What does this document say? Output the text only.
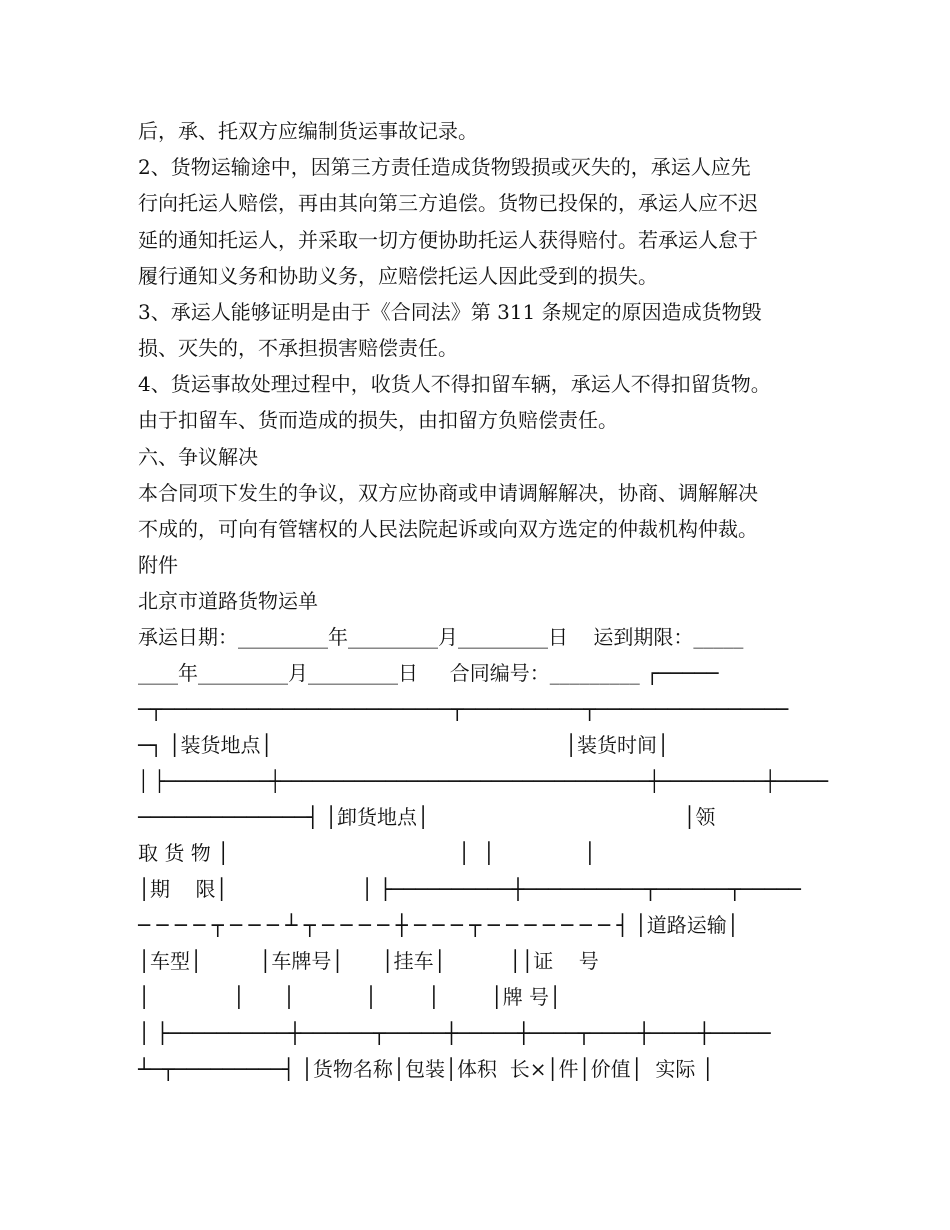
后，承、托双方应编制货运事故记录。
2、货物运输途中，因第三方责任造成货物毁损或灭失的，承运人应先
行向托运人赔偿，再由其向第三方追偿。货物已投保的，承运人应不迟
延的通知托运人，并采取一切方便协助托运人获得赔付。若承运人怠于
履行通知义务和协助义务，应赔偿托运人因此受到的损失。
3、承运人能够证明是由于《合同法》第 311 条规定的原因造成货物毁
损、灭失的，不承担损害赔偿责任。
4、货运事故处理过程中，收货人不得扣留车辆，承运人不得扣留货物。
由于扣留车、货而造成的损失，由扣留方负赔偿责任。
六、争议解决
本合同项下发生的争议，双方应协商或申请调解解决，协商、调解解决
不成的，可向有管辖权的人民法院起诉或向双方选定的仲裁机构仲裁。
附件
北京市道路货物运单
承运日期：_________年_________月_________日    运到期限：_____
____年_________月_________日     合同编号：_________ ┌─────
─┬────────────────────────┬──────────┬────────────────
─┐ │装货地点│                                              │装货时间│
│ ├──────────┼───────────────────────────────────┼──────────┼─────
──────────────┤ │卸货地点│                                        │领
取 货 物 │                                    │  │              │
│期    限│                     │ ├──────────┼──────────┬──────┬─────
─ ─ ─ ─ ┬ ─ ─ ─ ┴ ┬ ─ ─ ─ ─ ┼ ─ ─ ─ ┬ ─ ─ ─ ─ ─ ─ ─ ┤ │道路运输│
│车型│         │车牌号│      │挂车│          ││证    号
│             │      │           │        │        │牌 号│
│ ├──────────┼──────┬─────┼─────┼────┬────┼────┼─────
┴─┬─────────┤ │货物名称│包装│体积  长×│件│价值│  实际 │
